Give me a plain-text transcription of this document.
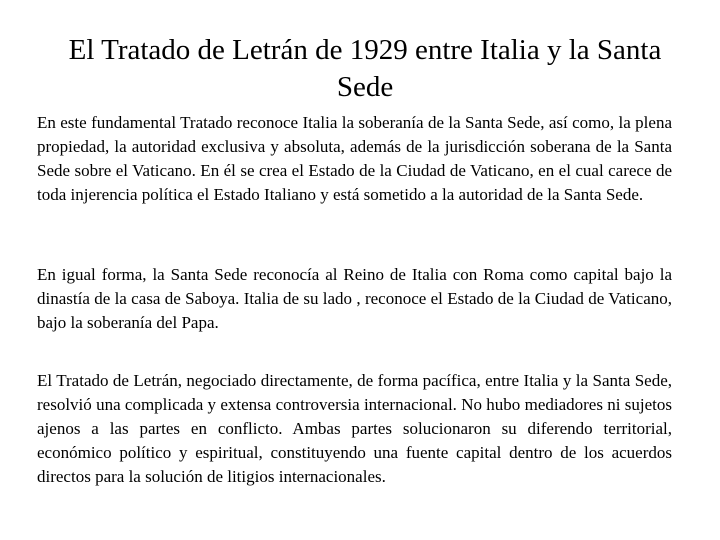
El Tratado de Letrán de 1929 entre Italia y la Santa Sede

En este fundamental Tratado reconoce Italia la soberanía de la Santa Sede, así como, la plena propiedad, la autoridad exclusiva y absoluta, además de la jurisdicción soberana de la Santa Sede sobre el Vaticano. En él se crea el Estado de la Ciudad de Vaticano, en el cual carece de toda injerencia política el Estado Italiano y está sometido a la autoridad de la Santa Sede.

En igual forma, la Santa Sede reconocía al Reino de Italia con Roma como capital bajo la dinastía de la casa de Saboya. Italia de su lado , reconoce el Estado de la Ciudad de Vaticano, bajo la soberanía del Papa.

El Tratado de Letrán, negociado directamente, de forma pacífica, entre Italia y la Santa Sede, resolvió una complicada y extensa controversia internacional. No hubo mediadores ni sujetos ajenos a las partes en conflicto. Ambas partes solucionaron su diferendo territorial, económico político y espiritual, constituyendo una fuente capital dentro de los acuerdos directos para la solución de litigios internacionales.
